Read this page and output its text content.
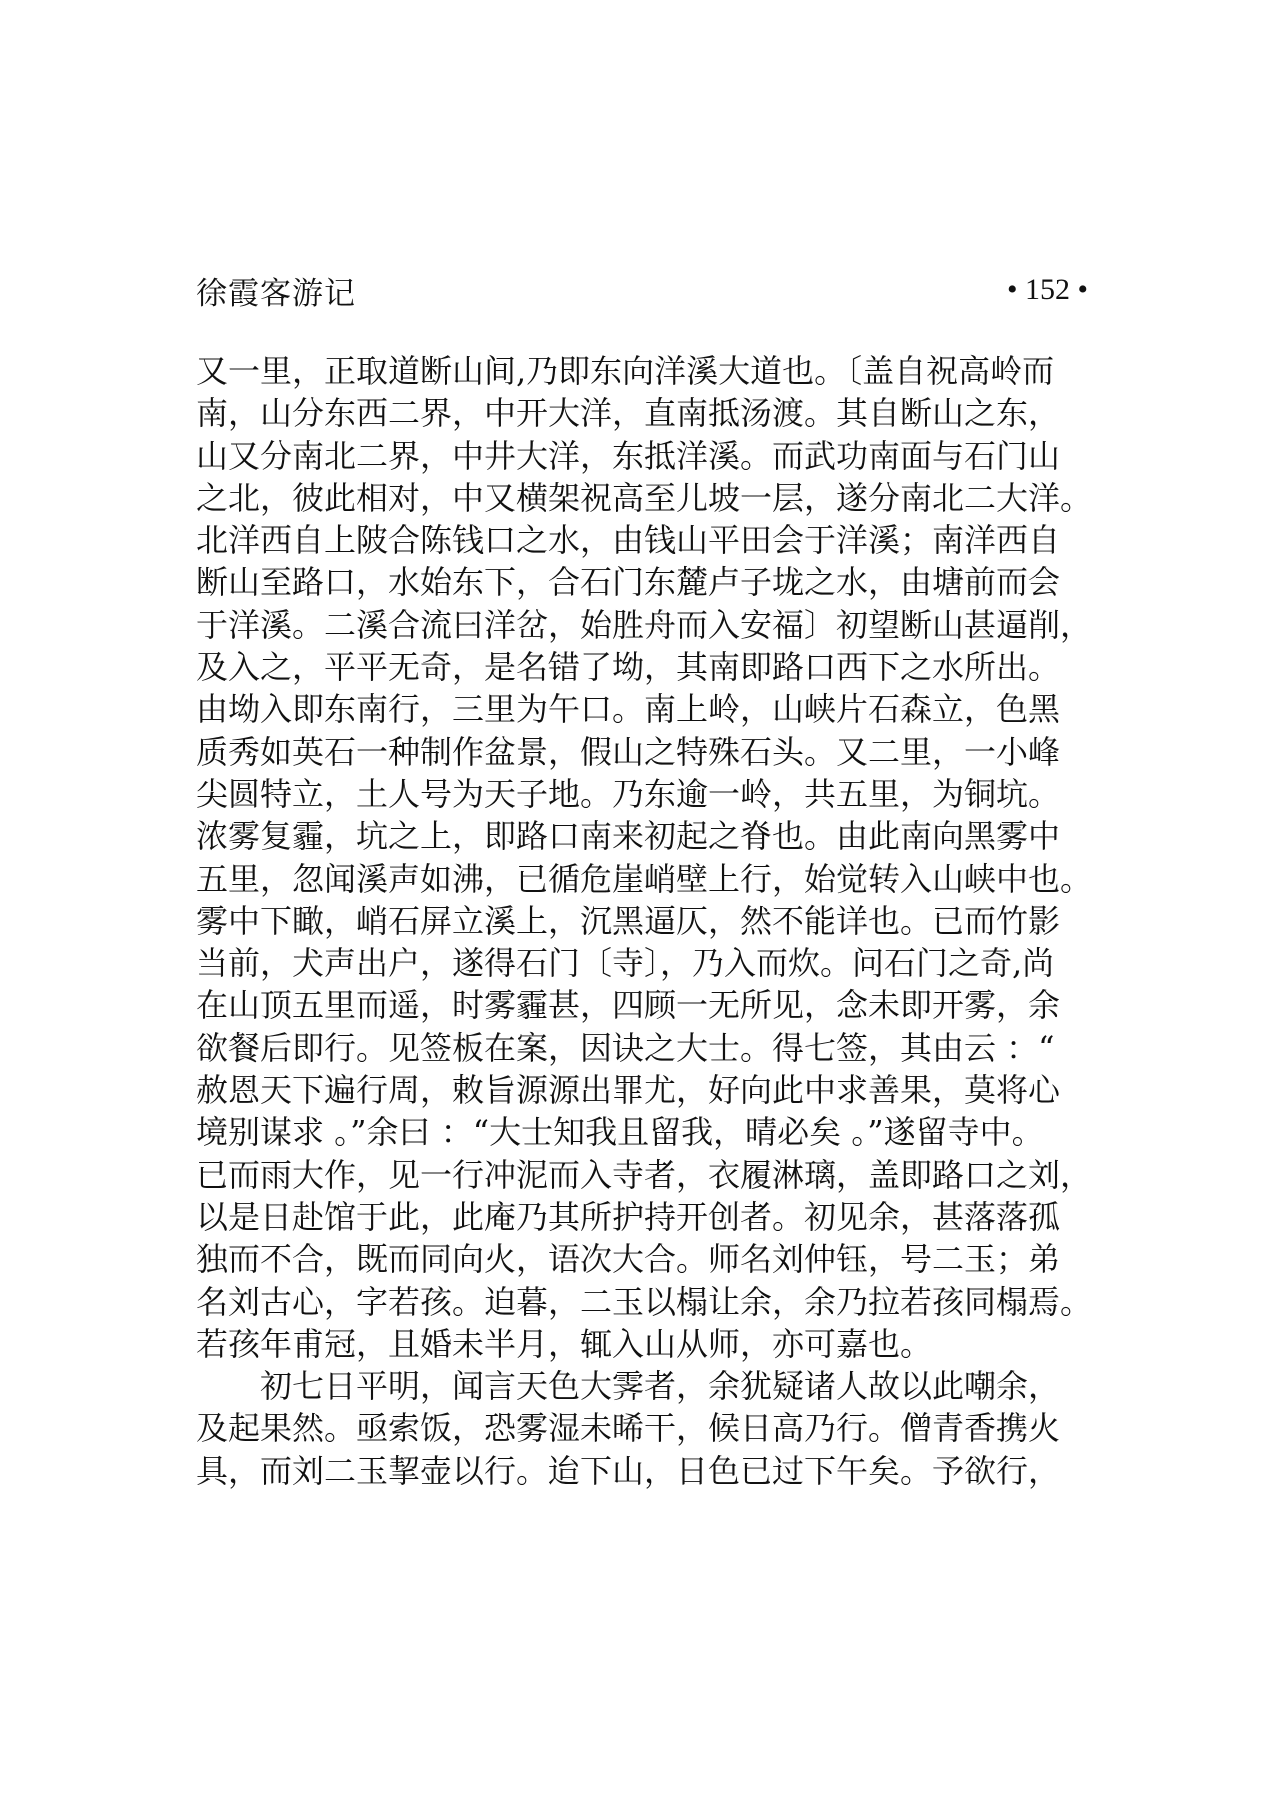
徐霞客游记	• 152 •
又一里，正取道断山间,乃即东向洋溪大道也。〔盖自祝高岭而
南，山分东西二界，中开大洋，直南抵汤渡。其自断山之东，
山又分南北二界，中井大洋，东抵洋溪。而武功南面与石门山
之北，彼此相对，中又横架祝高至儿坡一层，遂分南北二大洋。
北洋西自上陂合陈钱口之水，由钱山平田会于洋溪；南洋西自
断山至路口，水始东下，合石门东麓卢子垅之水，由塘前而会
于洋溪。二溪合流曰洋岔，始胜舟而入安福〕初望断山甚逼削，
及入之，平平无奇，是名错了坳，其南即路口西下之水所出。
由坳入即东南行，三里为午口。南上岭，山峡片石森立，色黑
质秀如英石一种制作盆景，假山之特殊石头。又二里，一小峰
尖圆特立，土人号为天子地。乃东逾一岭，共五里，为铜坑。
浓雾复霾，坑之上，即路口南来初起之脊也。由此南向黑雾中
五里，忽闻溪声如沸，已循危崖峭壁上行，始觉转入山峡中也。
雾中下瞰，峭石屏立溪上，沉黑逼仄，然不能详也。已而竹影
当前，犬声出户，遂得石门〔寺〕，乃入而炊。问石门之奇,尚
在山顶五里而遥，时雾霾甚，四顾一无所见，念未即开雾，余
欲餐后即行。见签板在案，因诀之大士。得七签，其由云 ：“
赦恩天下遍行周，敕旨源源出罪尤，好向此中求善果，莫将心
境别谋求 。”余曰 ：“大士知我且留我，晴必矣 。”遂留寺中。
已而雨大作，见一行冲泥而入寺者，衣履淋璃，盖即路口之刘，
以是日赴馆于此，此庵乃其所护持开创者。初见余，甚落落孤
独而不合，既而同向火，语次大合。师名刘仲钰，号二玉；弟
名刘古心，字若孩。迫暮，二玉以榻让余，余乃拉若孩同榻焉。
若孩年甫冠，且婚未半月，辄入山从师，亦可嘉也。
初七日平明，闻言天色大霁者，余犹疑诸人故以此嘲余，
及起果然。亟索饭，恐雾湿未晞干，候日高乃行。僧青香携火
具，而刘二玉挈壶以行。迨下山，日色已过下午矣。予欲行，
